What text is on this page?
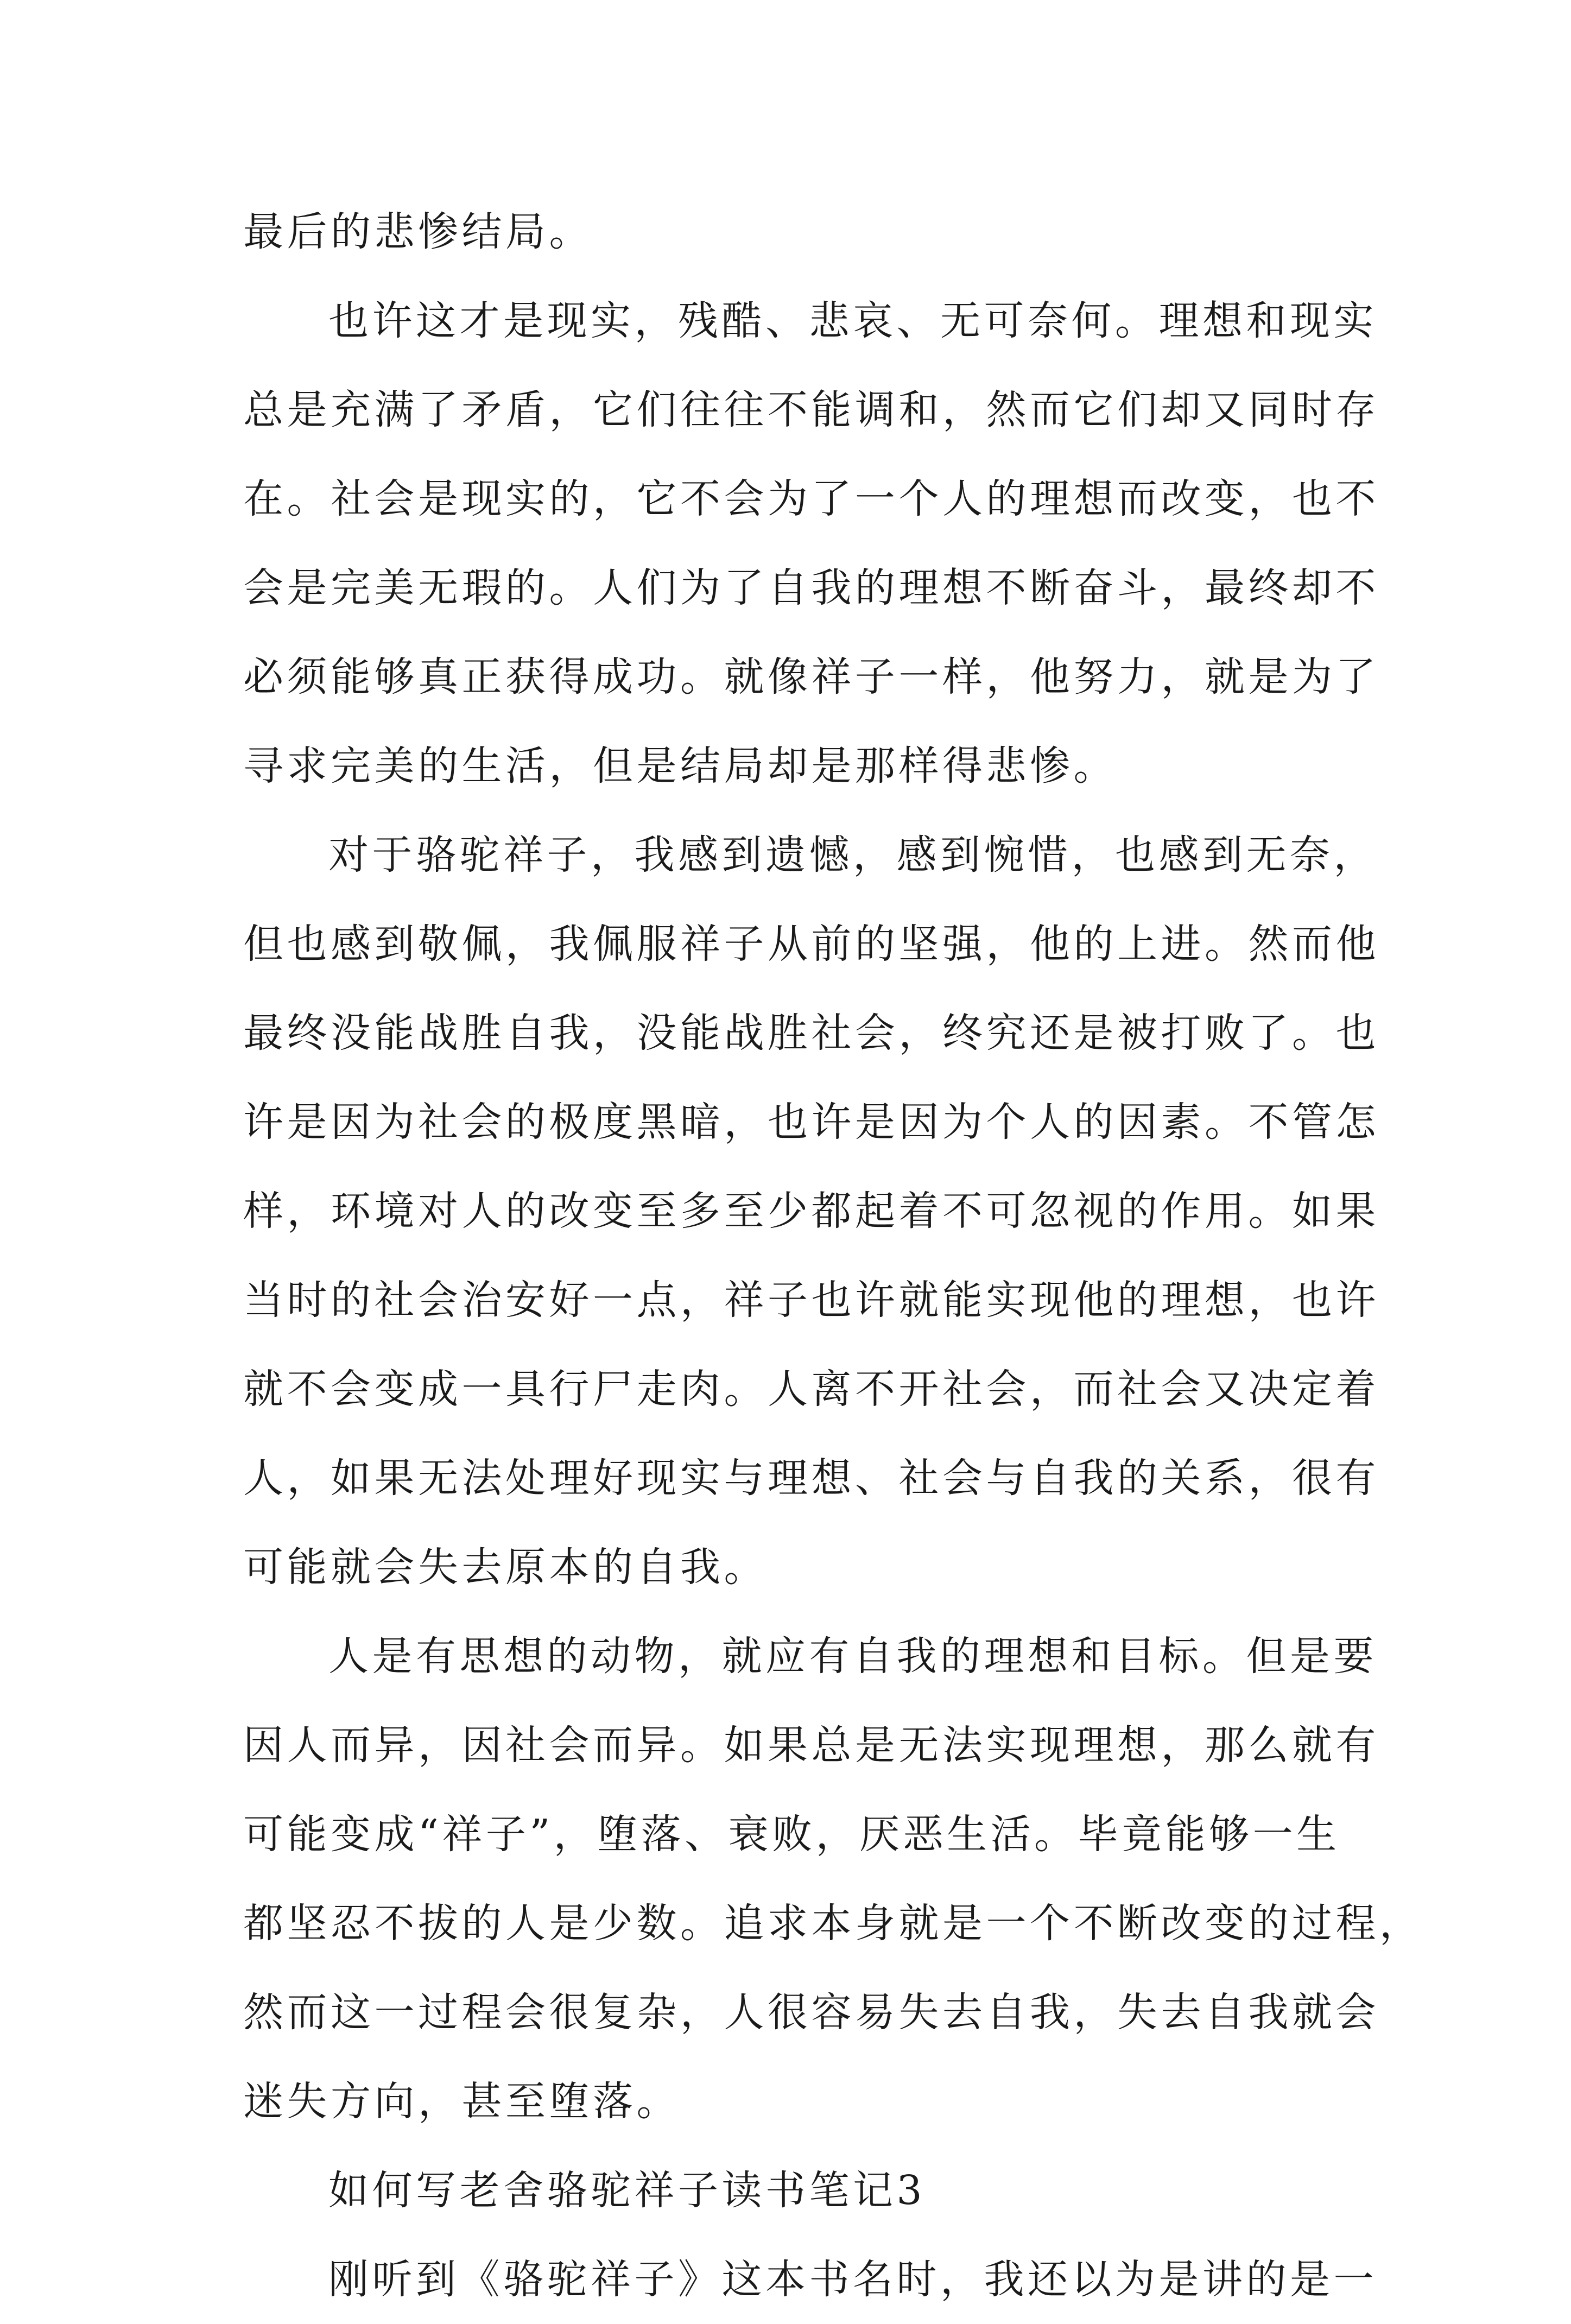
最后的悲惨结局。
也许这才是现实，残酷、悲哀、无可奈何。理想和现实
总是充满了矛盾，它们往往不能调和，然而它们却又同时存
在。社会是现实的，它不会为了一个人的理想而改变，也不
会是完美无瑕的。人们为了自我的理想不断奋斗，最终却不
必须能够真正获得成功。就像祥子一样，他努力，就是为了
寻求完美的生活，但是结局却是那样得悲惨。
对于骆驼祥子，我感到遗憾，感到惋惜，也感到无奈，
但也感到敬佩，我佩服祥子从前的坚强，他的上进。然而他
最终没能战胜自我，没能战胜社会，终究还是被打败了。也
许是因为社会的极度黑暗，也许是因为个人的因素。不管怎
样，环境对人的改变至多至少都起着不可忽视的作用。如果
当时的社会治安好一点，祥子也许就能实现他的理想，也许
就不会变成一具行尸走肉。人离不开社会，而社会又决定着
人，如果无法处理好现实与理想、社会与自我的关系，很有
可能就会失去原本的自我。
人是有思想的动物，就应有自我的理想和目标。但是要
因人而异，因社会而异。如果总是无法实现理想，那么就有
可能变成“祥子”，堕落、衰败，厌恶生活。毕竟能够一生
都坚忍不拔的人是少数。追求本身就是一个不断改变的过程，
然而这一过程会很复杂，人很容易失去自我，失去自我就会
迷失方向，甚至堕落。
如何写老舍骆驼祥子读书笔记3
刚听到《骆驼祥子》这本书名时，我还以为是讲的是一
